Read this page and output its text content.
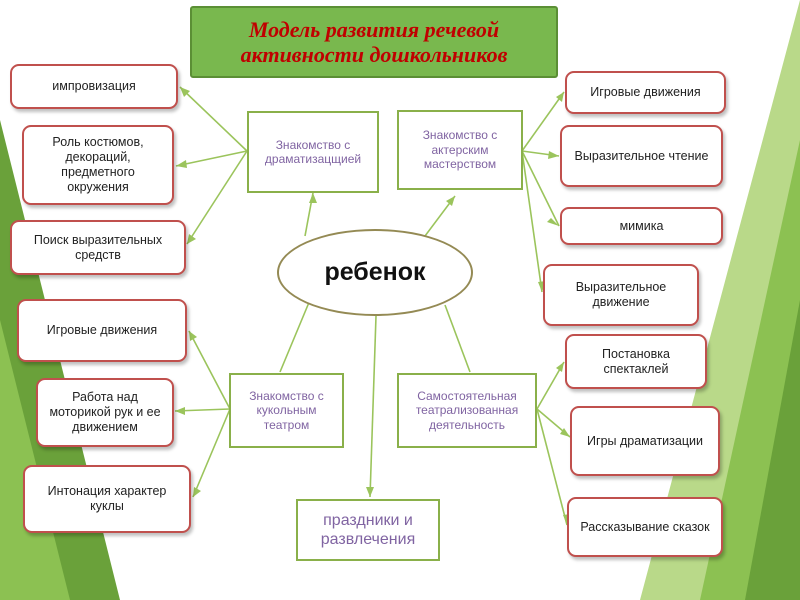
Модель развития речевой активности дошкольников
ребенок
Знакомство с драматизацщией
Знакомство с актерским мастерством
Знакомство с кукольным театром
Самостоятельная театрализованная деятельность
праздники и развлечения
импровизация
Роль костюмов, декораций, предметного окружения
Поиск выразительных средств
Игровые движения
Работа над моторикой рук и ее движением
Интонация характер куклы
Игровые движения
Выразительное чтение
мимика
Выразительное движение
Постановка спектаклей
Игры драматизации
Рассказывание сказок
